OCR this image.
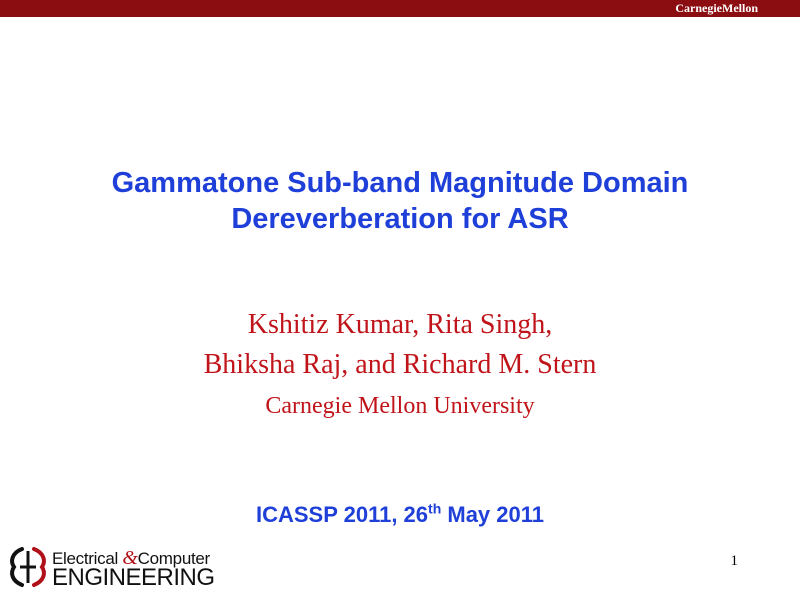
CarnegieMellon
Gammatone Sub-band Magnitude Domain
Dereverberation for ASR
Kshitiz Kumar, Rita Singh,
Bhiksha Raj, and Richard M. Stern
Carnegie Mellon University
ICASSP 2011, 26th May 2011
Electrical &Computer
ENGINEERING
1
